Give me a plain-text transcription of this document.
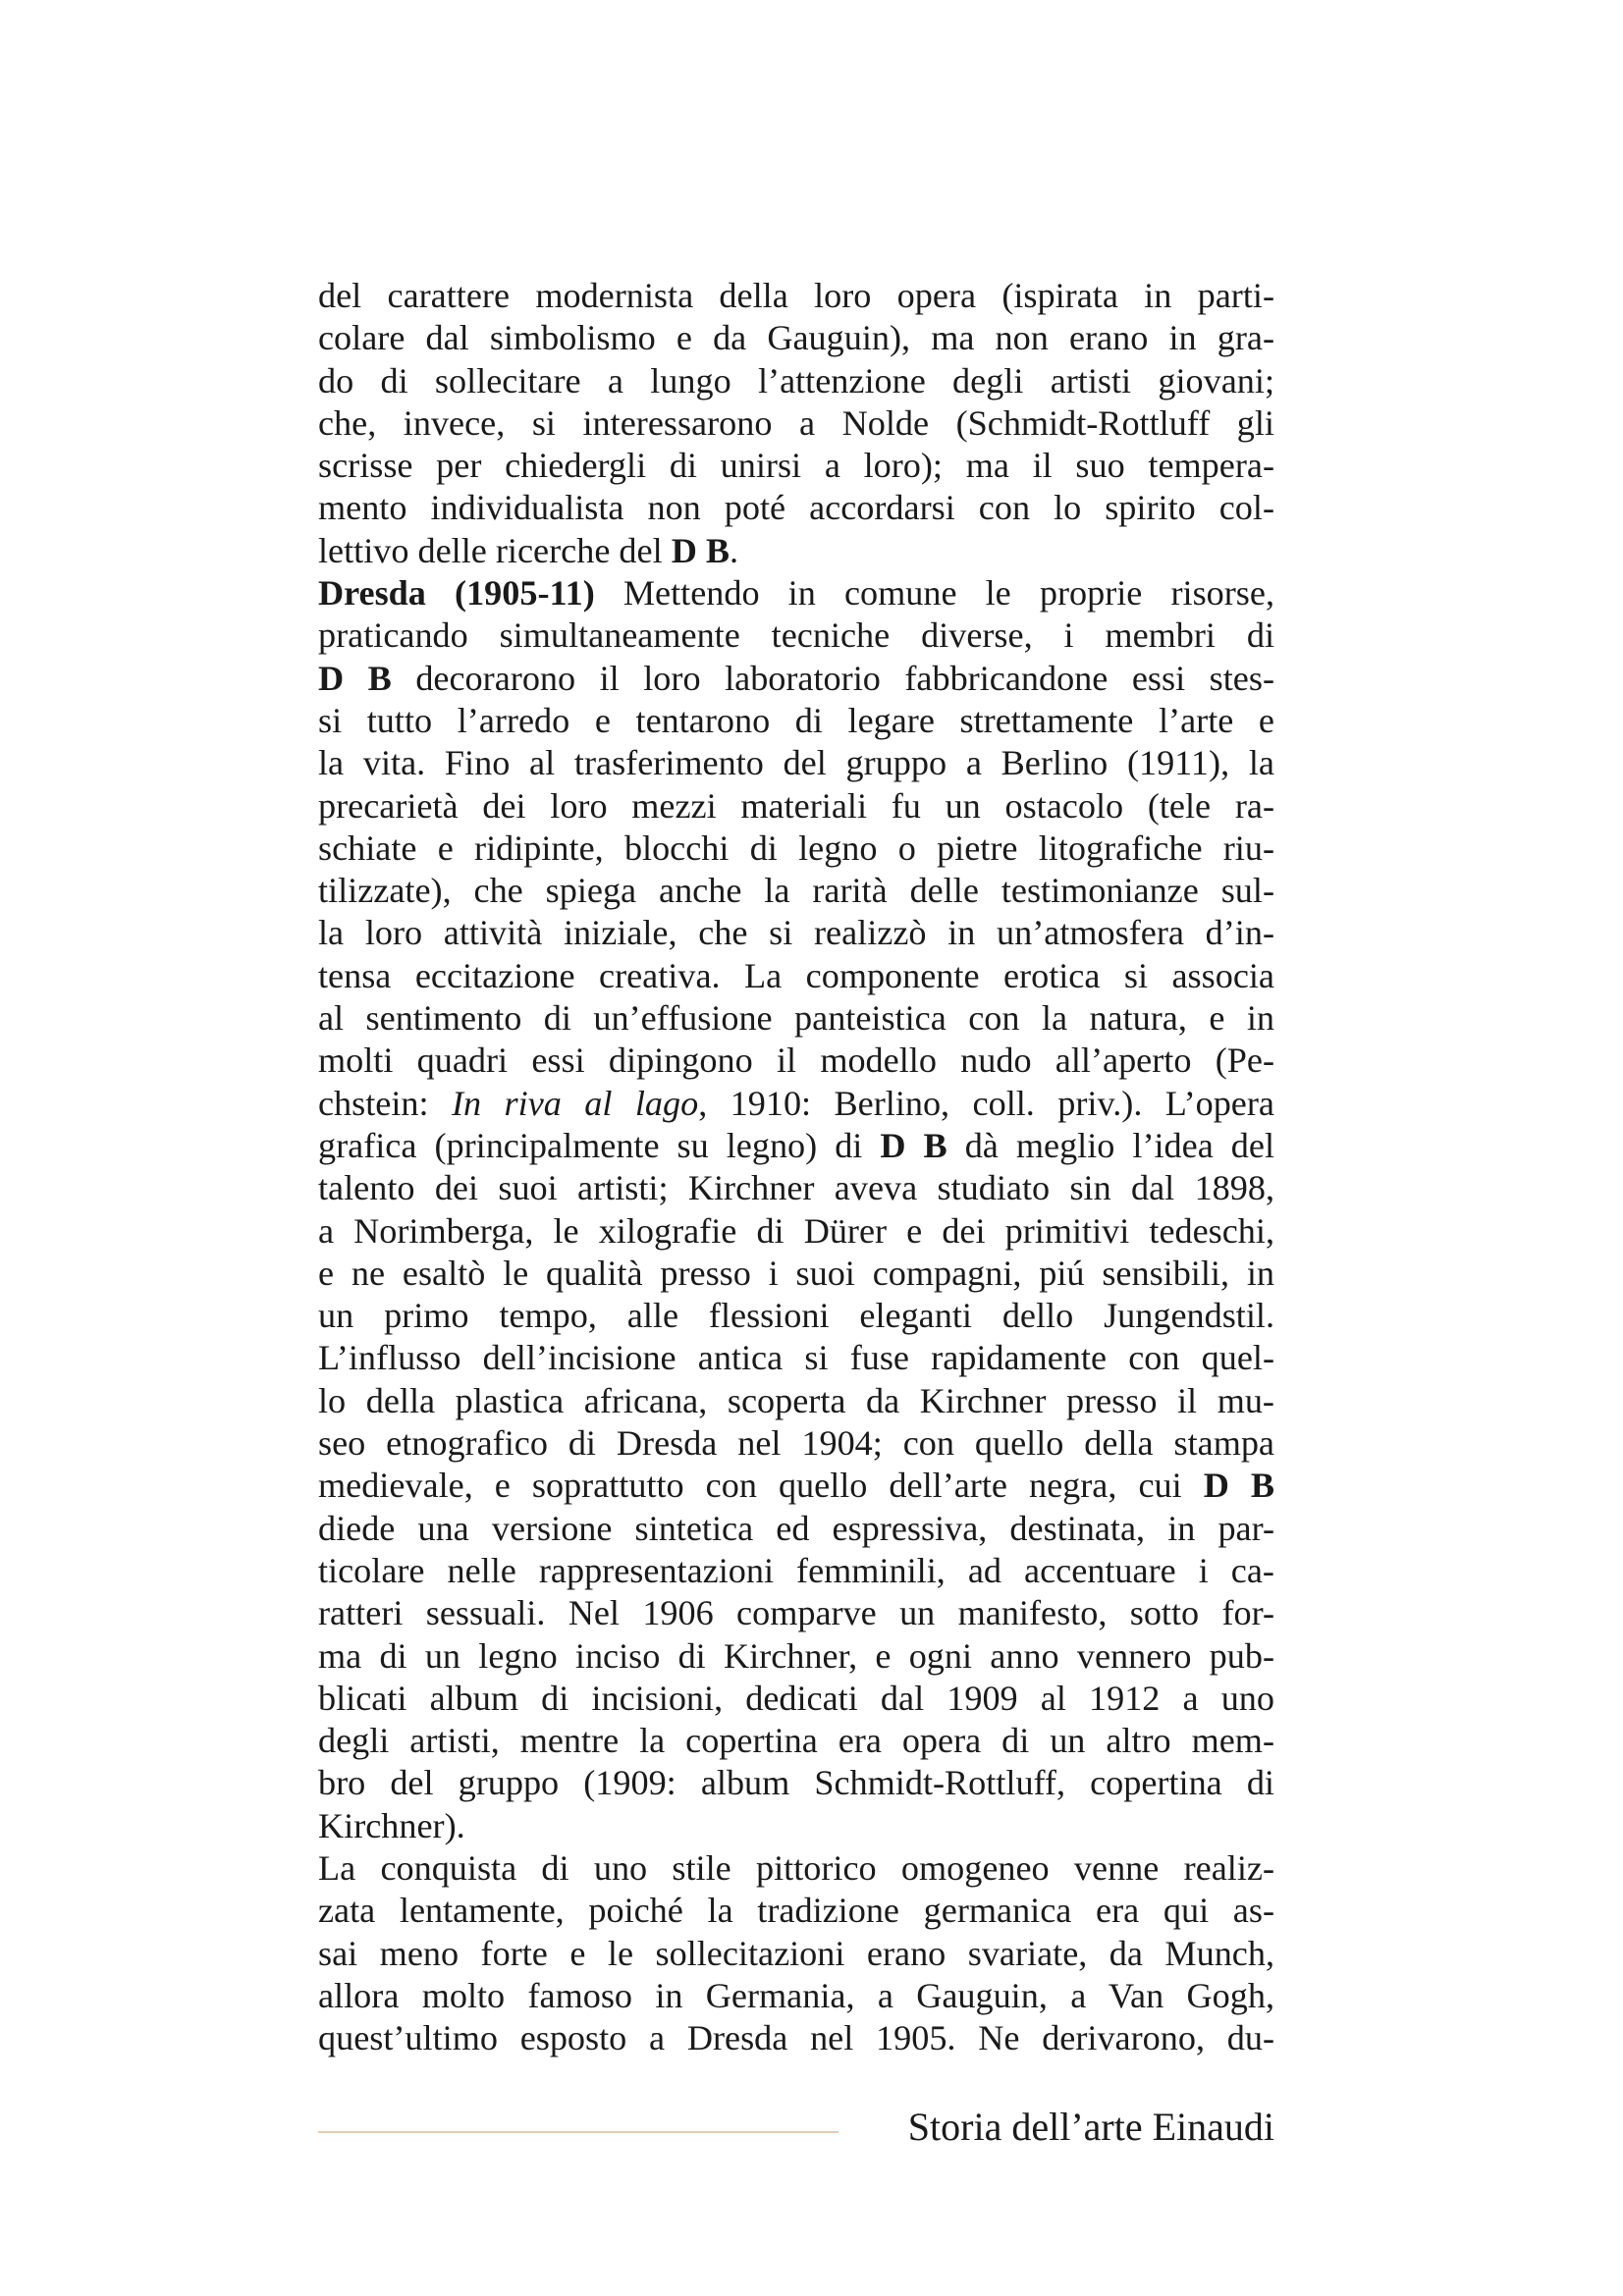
del carattere modernista della loro opera (ispirata in parti-
colare dal simbolismo e da Gauguin), ma non erano in gra-
do di sollecitare a lungo l’attenzione degli artisti giovani;
che, invece, si interessarono a Nolde (Schmidt-Rottluff gli
scrisse per chiedergli di unirsi a loro); ma il suo tempera-
mento individualista non poté accordarsi con lo spirito col-
lettivo delle ricerche del D B.
Dresda (1905-11) Mettendo in comune le proprie risorse,
praticando simultaneamente tecniche diverse, i membri di
D B decorarono il loro laboratorio fabbricandone essi stes-
si tutto l’arredo e tentarono di legare strettamente l’arte e
la vita. Fino al trasferimento del gruppo a Berlino (1911), la
precarietà dei loro mezzi materiali fu un ostacolo (tele ra-
schiate e ridipinte, blocchi di legno o pietre litografiche riu-
tilizzate), che spiega anche la rarità delle testimonianze sul-
la loro attività iniziale, che si realizzò in un’atmosfera d’in-
tensa eccitazione creativa. La componente erotica si associa
al sentimento di un’effusione panteistica con la natura, e in
molti quadri essi dipingono il modello nudo all’aperto (Pe-
chstein: In riva al lago, 1910: Berlino, coll. priv.). L’opera
grafica (principalmente su legno) di D B dà meglio l’idea del
talento dei suoi artisti; Kirchner aveva studiato sin dal 1898,
a Norimberga, le xilografie di Dürer e dei primitivi tedeschi,
e ne esaltò le qualità presso i suoi compagni, piú sensibili, in
un primo tempo, alle flessioni eleganti dello Jungendstil.
L’influsso dell’incisione antica si fuse rapidamente con quel-
lo della plastica africana, scoperta da Kirchner presso il mu-
seo etnografico di Dresda nel 1904; con quello della stampa
medievale, e soprattutto con quello dell’arte negra, cui D B
diede una versione sintetica ed espressiva, destinata, in par-
ticolare nelle rappresentazioni femminili, ad accentuare i ca-
ratteri sessuali. Nel 1906 comparve un manifesto, sotto for-
ma di un legno inciso di Kirchner, e ogni anno vennero pub-
blicati album di incisioni, dedicati dal 1909 al 1912 a uno
degli artisti, mentre la copertina era opera di un altro mem-
bro del gruppo (1909: album Schmidt-Rottluff, copertina di
Kirchner).
La conquista di uno stile pittorico omogeneo venne realiz-
zata lentamente, poiché la tradizione germanica era qui as-
sai meno forte e le sollecitazioni erano svariate, da Munch,
allora molto famoso in Germania, a Gauguin, a Van Gogh,
quest’ultimo esposto a Dresda nel 1905. Ne derivarono, du-
Storia dell’arte Einaudi
